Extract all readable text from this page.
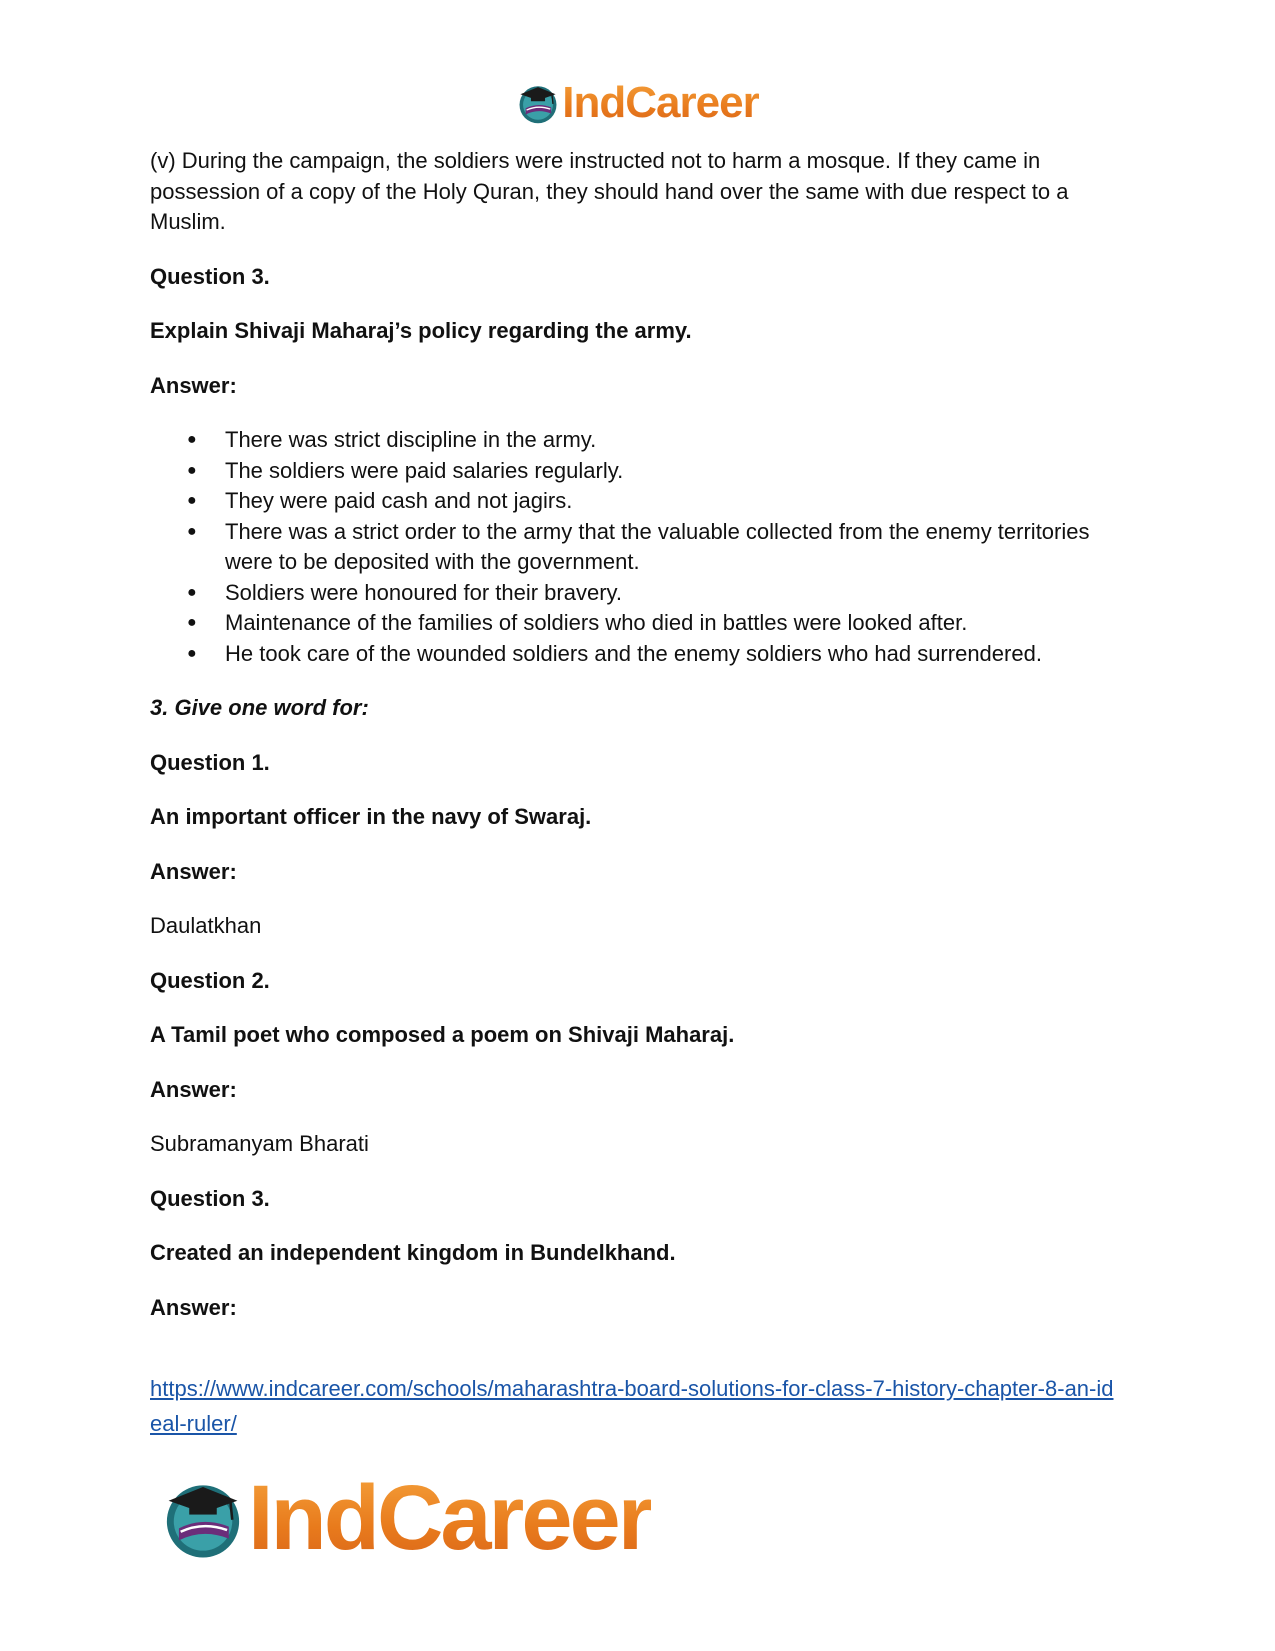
IndCareer

(v) During the campaign, the soldiers were instructed not to harm a mosque. If they came in possession of a copy of the Holy Quran, they should hand over the same with due respect to a Muslim.

Question 3.

Explain Shivaji Maharaj’s policy regarding the army.

Answer:

● There was strict discipline in the army.
● The soldiers were paid salaries regularly.
● They were paid cash and not jagirs.
● There was a strict order to the army that the valuable collected from the enemy territories were to be deposited with the government.
● Soldiers were honoured for their bravery.
● Maintenance of the families of soldiers who died in battles were looked after.
● He took care of the wounded soldiers and the enemy soldiers who had surrendered.

3. Give one word for:

Question 1.

An important officer in the navy of Swaraj.

Answer:

Daulatkhan

Question 2.

A Tamil poet who composed a poem on Shivaji Maharaj.

Answer:

Subramanyam Bharati

Question 3.

Created an independent kingdom in Bundelkhand.

Answer:

https://www.indcareer.com/schools/maharashtra-board-solutions-for-class-7-history-chapter-8-an-ideal-ruler/
IndCareer
